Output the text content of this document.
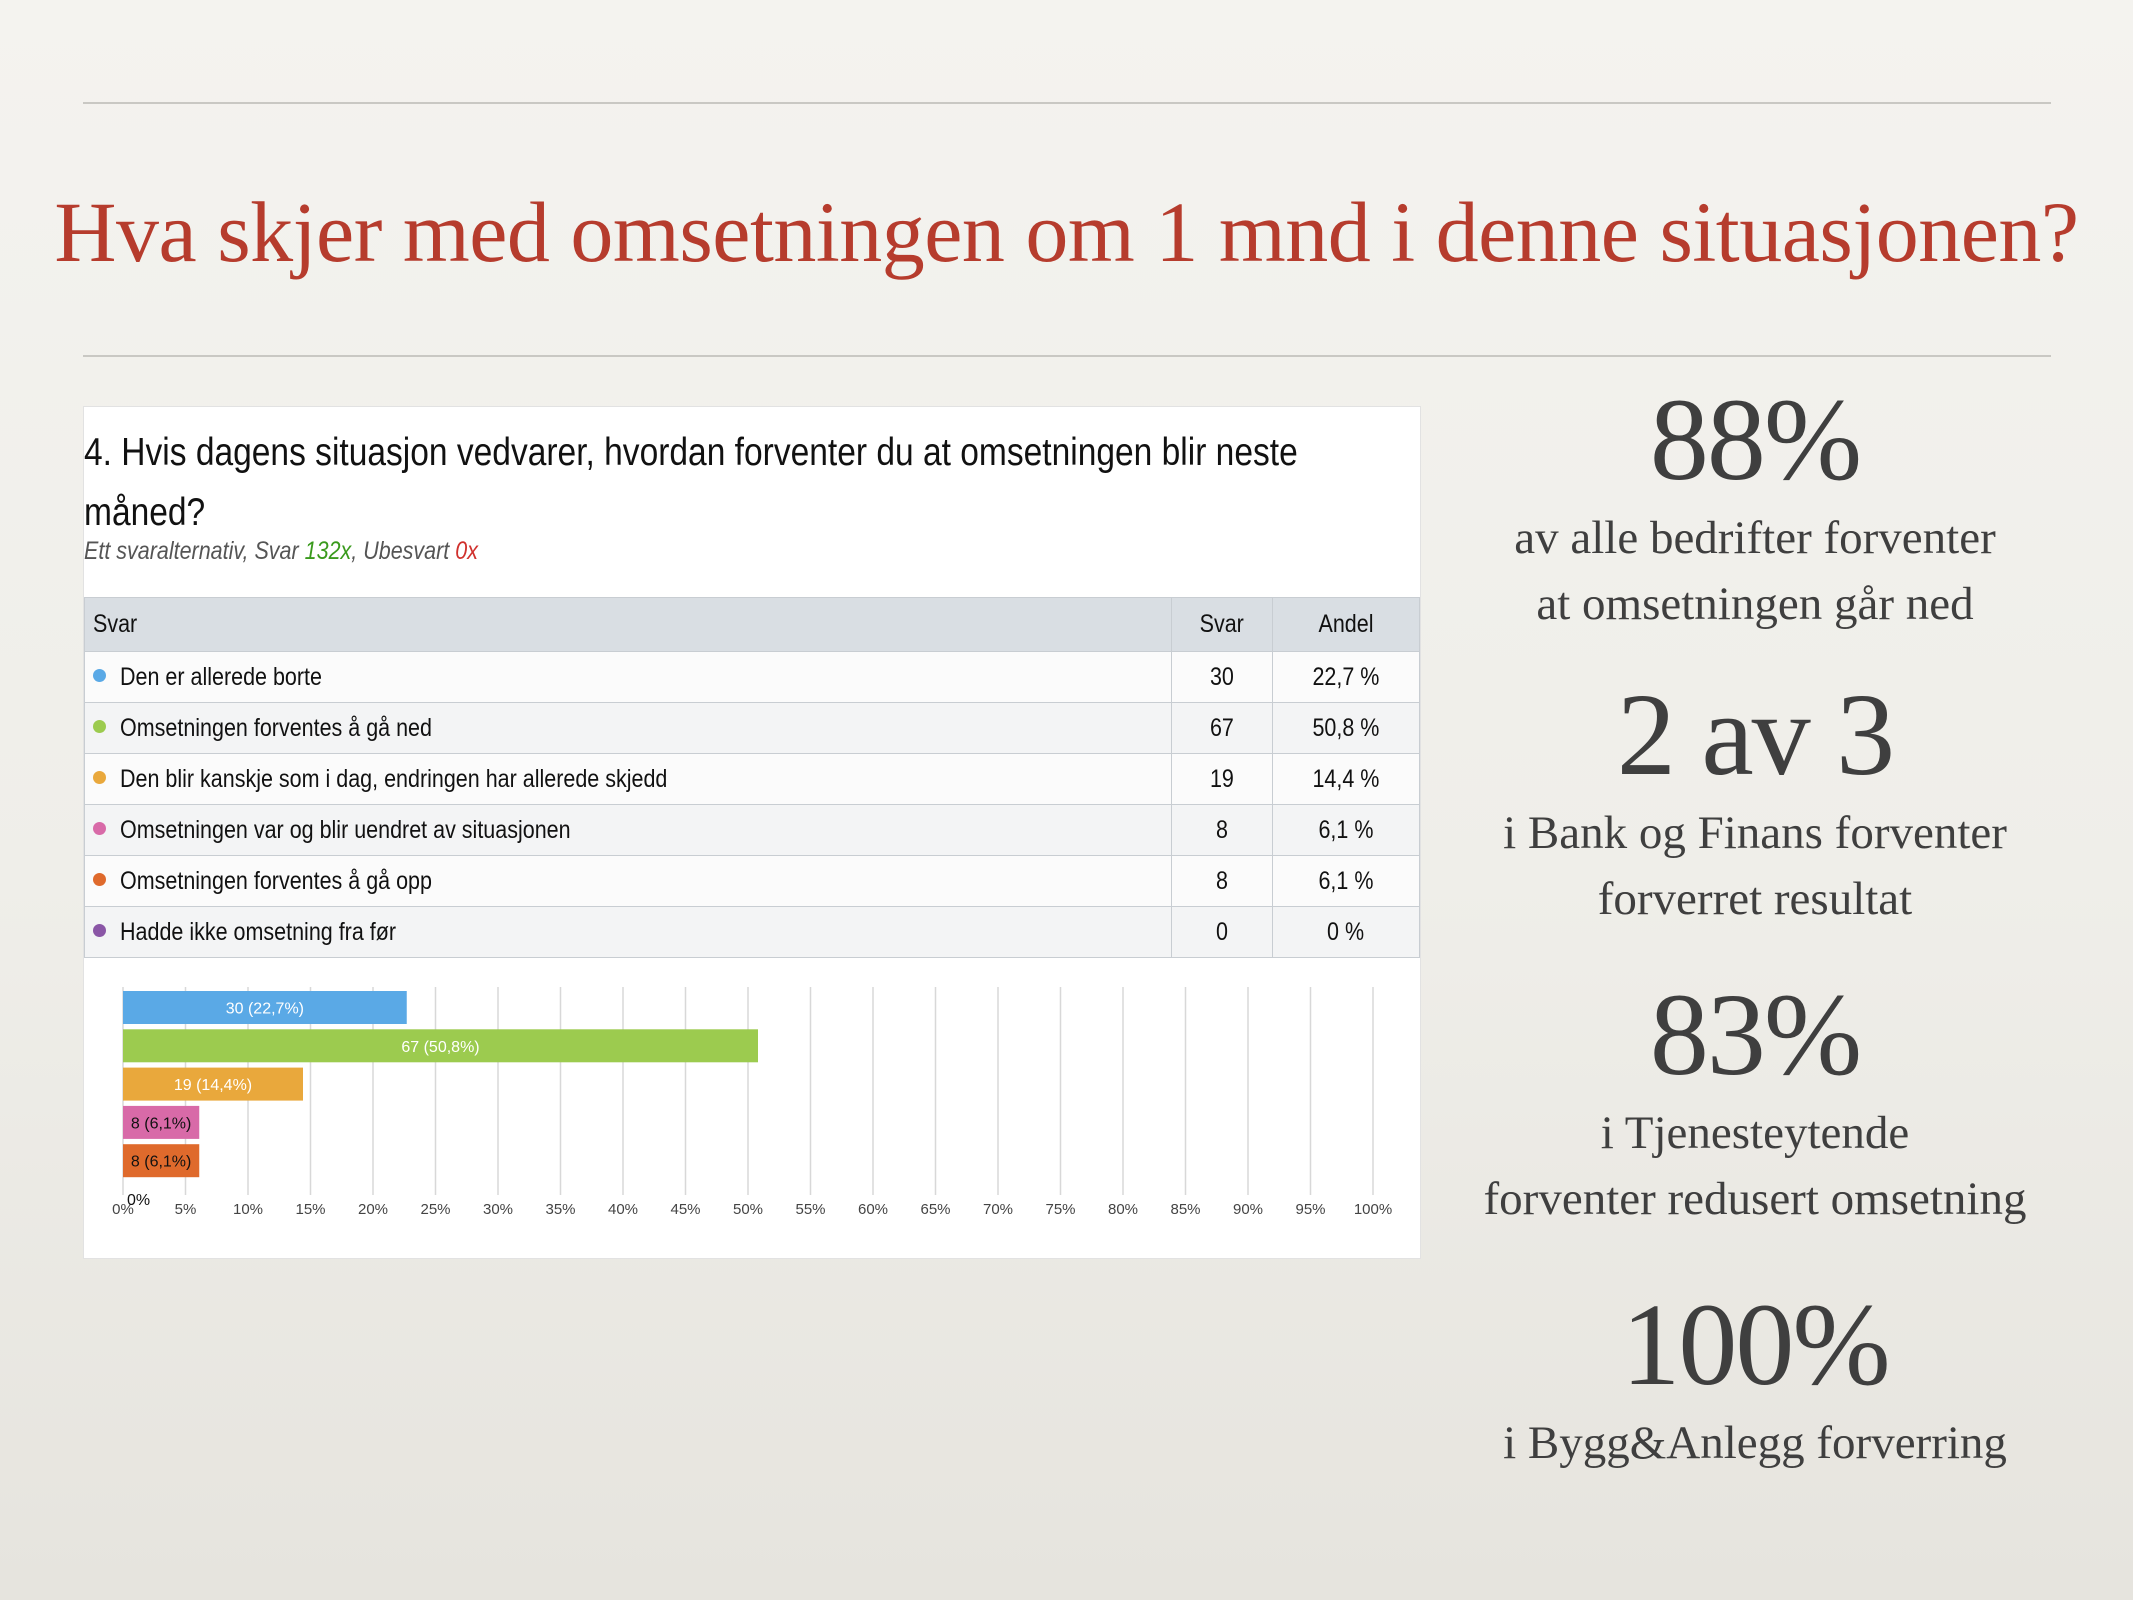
Hva skjer med omsetningen om 1 mnd i denne situasjonen?
4. Hvis dagens situasjon vedvarer, hvordan forventer du at omsetningen blir neste måned?
Ett svaralternativ, Svar 132x, Ubesvart 0x
Svar	Svar	Andel
Den er allerede borte	30	22,7 %
Omsetningen forventes å gå ned	67	50,8 %
Den blir kanskje som i dag, endringen har allerede skjedd	19	14,4 %
Omsetningen var og blir uendret av situasjonen	8	6,1 %
Omsetningen forventes å gå opp	8	6,1 %
Hadde ikke omsetning fra før	0	0 %
0%	5% 10% 15% 20% 25% 30% 35% 40% 45% 50% 55% 60% 65% 70% 75% 80% 85% 90% 95% 100%
30 (22,7%)
67 (50,8%)
19 (14,4%)
8 (6,1%)
8 (6,1%)
0%
88%
av alle bedrifter forventer
at omsetningen går ned
2 av 3
i Bank og Finans forventer
forverret resultat
83%
i Tjenesteytende
forventer redusert omsetning
100%
i Bygg&Anlegg forverring
